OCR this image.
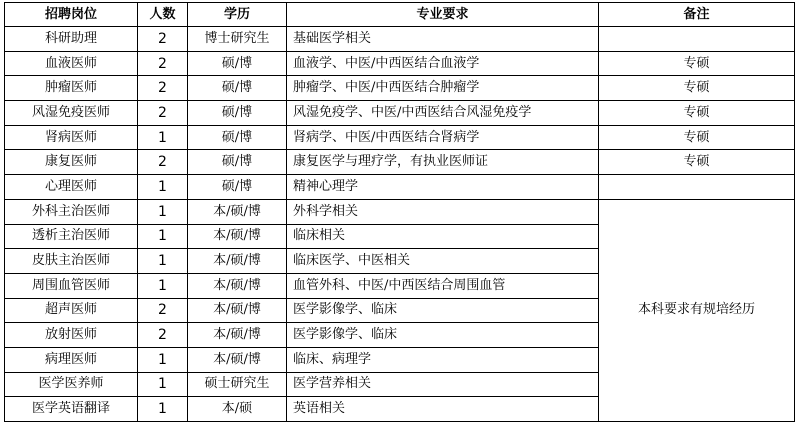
招聘岗位	人数	学历	专业要求	备注
科研助理	2	博士研究生	基础医学相关	
血液医师	2	硕/博	血液学、中医/中西医结合血液学	专硕
肿瘤医师	2	硕/博	肿瘤学、中医/中西医结合肿瘤学	专硕
风湿免疫医师	2	硕/博	风湿免疫学、中医/中西医结合风湿免疫学	专硕
肾病医师	1	硕/博	肾病学、中医/中西医结合肾病学	专硕
康复医师	2	硕/博	康复医学与理疗学，有执业医师证	专硕
心理医师	1	硕/博	精神心理学	
外科主治医师	1	本/硕/博	外科学相关	本科要求有规培经历
透析主治医师	1	本/硕/博	临床相关	
皮肤主治医师	1	本/硕/博	临床医学、中医相关	
周围血管医师	1	本/硕/博	血管外科、中医/中西医结合周围血管	
超声医师	2	本/硕/博	医学影像学、临床	
放射医师	2	本/硕/博	医学影像学、临床	
病理医师	1	本/硕/博	临床、病理学	
医学医养师	1	硕士研究生	医学营养相关	
医学英语翻译	1	本/硕	英语相关	
